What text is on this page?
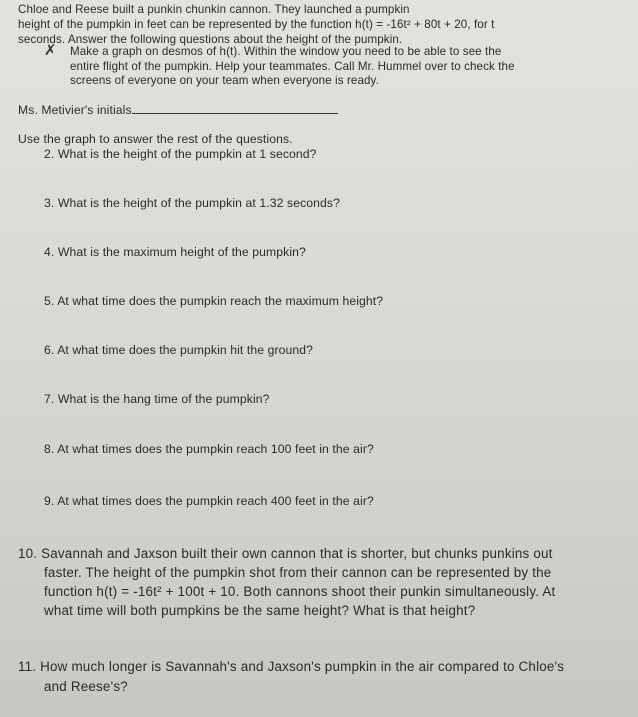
Chloe and Reese built a punkin chunkin cannon. They launched a pumpkin
height of the pumpkin in feet can be represented by the function h(t) = -16t² + 80t + 20, for t
seconds. Answer the following questions about the height of the pumpkin.
✗ Make a graph on desmos of h(t). Within the window you need to be able to see the
entire flight of the pumpkin. Help your teammates. Call Mr. Hummel over to check the
screens of everyone on your team when everyone is ready.
Ms. Metivier's initials
Use the graph to answer the rest of the questions.
2. What is the height of the pumpkin at 1 second?
3. What is the height of the pumpkin at 1.32 seconds?
4. What is the maximum height of the pumpkin?
5. At what time does the pumpkin reach the maximum height?
6. At what time does the pumpkin hit the ground?
7. What is the hang time of the pumpkin?
8. At what times does the pumpkin reach 100 feet in the air?
9. At what times does the pumpkin reach 400 feet in the air?
10. Savannah and Jaxson built their own cannon that is shorter, but chunks punkins out
faster. The height of the pumpkin shot from their cannon can be represented by the
function h(t) = -16t² + 100t + 10. Both cannons shoot their punkin simultaneously. At
what time will both pumpkins be the same height? What is that height?
11. How much longer is Savannah's and Jaxson's pumpkin in the air compared to Chloe's
and Reese's?
